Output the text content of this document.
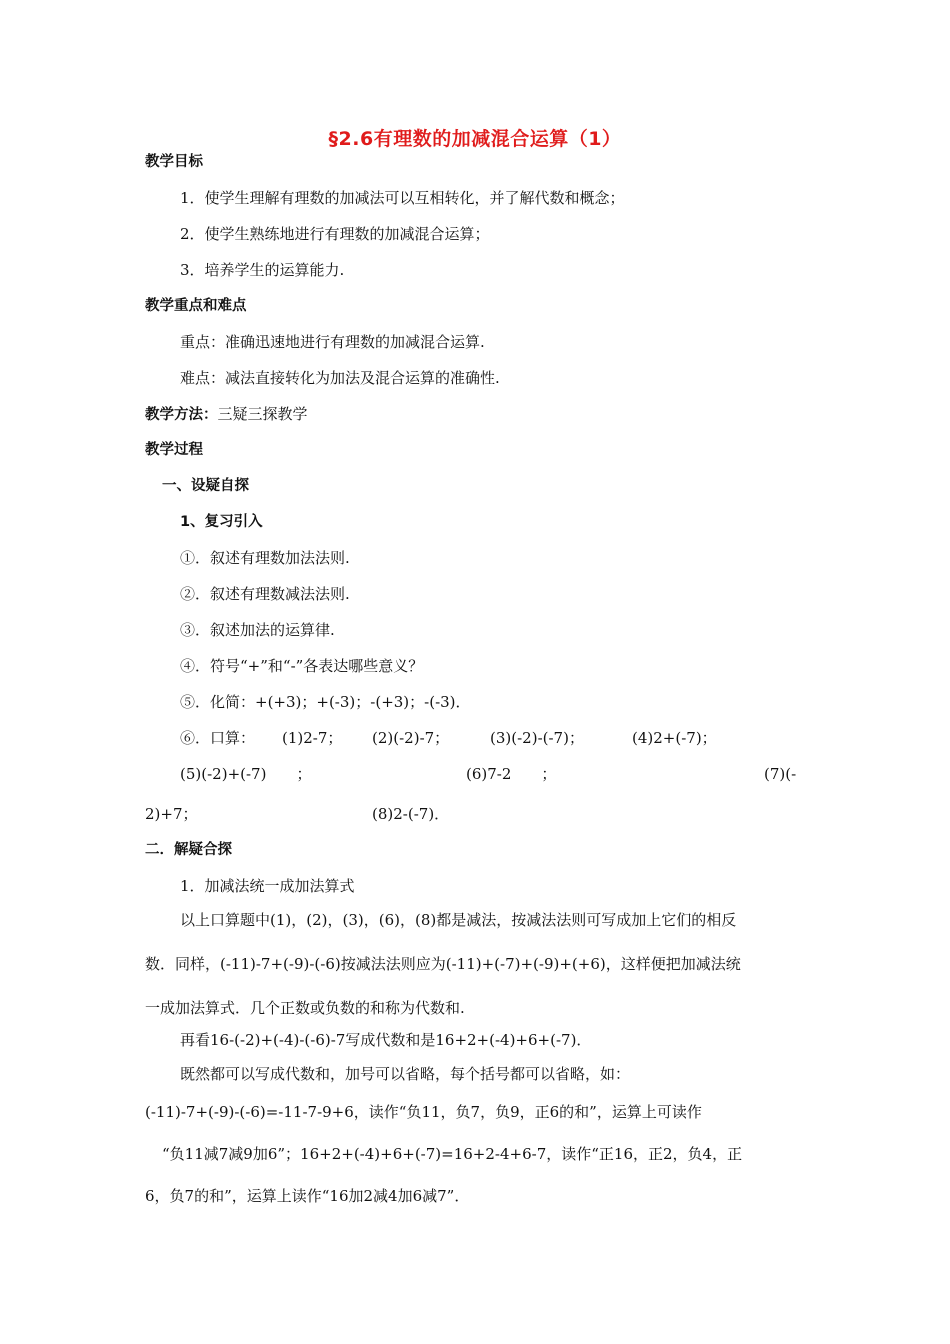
§2.6有理数的加减混合运算（1）
教学目标
1．使学生理解有理数的加减法可以互相转化，并了解代数和概念；
2．使学生熟练地进行有理数的加减混合运算；
3．培养学生的运算能力.
教学重点和难点
重点：准确迅速地进行有理数的加减混合运算.
难点：减法直接转化为加法及混合运算的准确性.
教学方法：三疑三探教学
教学过程
一、设疑自探
1、复习引入
①．叙述有理数加法法则.
②．叙述有理数减法法则.
③．叙述加法的运算律.
④．符号“+”和“-”各表达哪些意义？
⑤．化简：+(+3)；+(-3)；-(+3)；-(-3)．
⑥．口算： (1)2-7； (2)(-2)-7；	(3)(-2)-(-7)；	(4)2+(-7)；
(5)(-2)+(-7)　　；	(6)7-2　　；	(7)(-
2)+7；	(8)2-(-7)．
二．解疑合探
1．加减法统一成加法算式
以上口算题中(1)，(2)，(3)，(6)，(8)都是减法，按减法法则可写成加上它们的相反
数．同样，(-11)-7+(-9)-(-6)按减法法则应为(-11)+(-7)+(-9)+(+6)，这样便把加减法统
一成加法算式．几个正数或负数的和称为代数和.
再看16-(-2)+(-4)-(-6)-7写成代数和是16+2+(-4)+6+(-7)．
既然都可以写成代数和，加号可以省略，每个括号都可以省略，如：
(-11)-7+(-9)-(-6)=-11-7-9+6，读作“负11，负7，负9，正6的和”，运算上可读作
“负11减7减9加6”；16+2+(-4)+6+(-7)=16+2-4+6-7，读作“正16，正2，负4，正
6，负7的和”，运算上读作“16加2减4加6减7”．
